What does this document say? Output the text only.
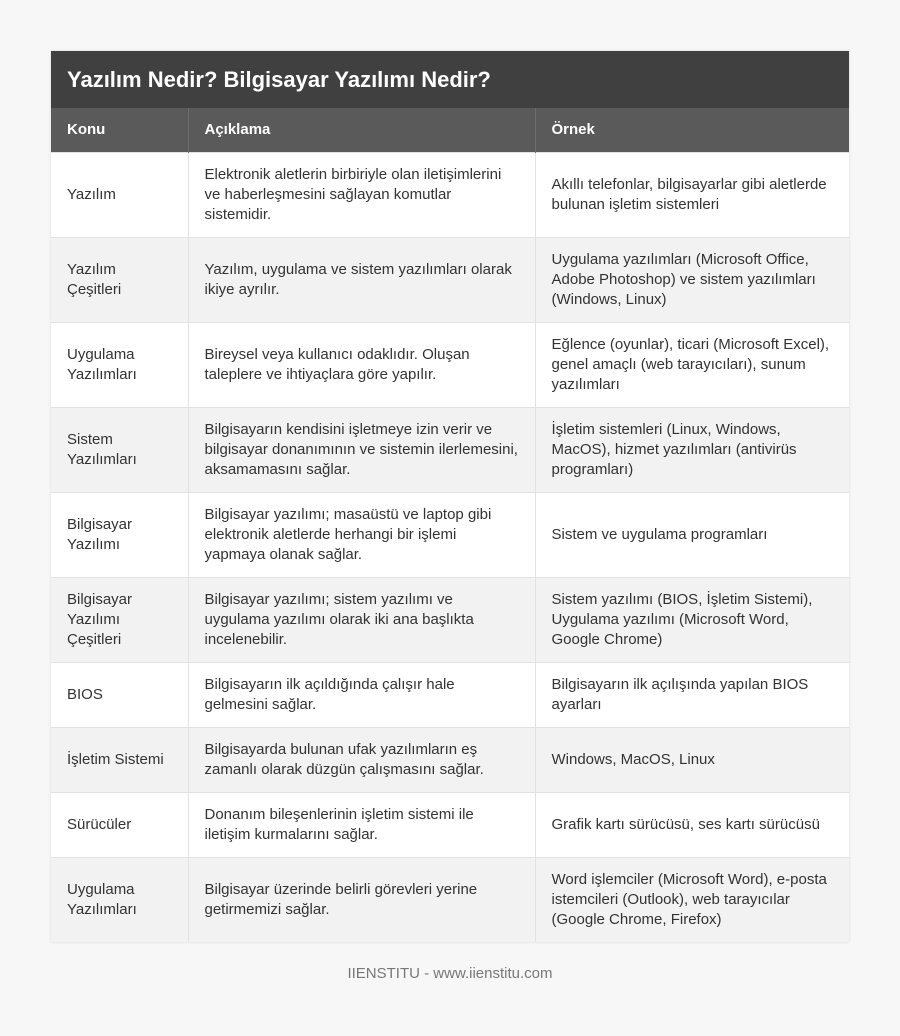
Yazılım Nedir? Bilgisayar Yazılımı Nedir?
Konu	Açıklama	Örnek
Yazılım	Elektronik aletlerin birbiriyle olan iletişimlerini ve haberleşmesini sağlayan komutlar sistemidir.	Akıllı telefonlar, bilgisayarlar gibi aletlerde bulunan işletim sistemleri
Yazılım Çeşitleri	Yazılım, uygulama ve sistem yazılımları olarak ikiye ayrılır.	Uygulama yazılımları (Microsoft Office, Adobe Photoshop) ve sistem yazılımları (Windows, Linux)
Uygulama Yazılımları	Bireysel veya kullanıcı odaklıdır. Oluşan taleplere ve ihtiyaçlara göre yapılır.	Eğlence (oyunlar), ticari (Microsoft Excel), genel amaçlı (web tarayıcıları), sunum yazılımları
Sistem Yazılımları	Bilgisayarın kendisini işletmeye izin verir ve bilgisayar donanımının ve sistemin ilerlemesini, aksamamasını sağlar.	İşletim sistemleri (Linux, Windows, MacOS), hizmet yazılımları (antivirüs programları)
Bilgisayar Yazılımı	Bilgisayar yazılımı; masaüstü ve laptop gibi elektronik aletlerde herhangi bir işlemi yapmaya olanak sağlar.	Sistem ve uygulama programları
Bilgisayar Yazılımı Çeşitleri	Bilgisayar yazılımı; sistem yazılımı ve uygulama yazılımı olarak iki ana başlıkta incelenebilir.	Sistem yazılımı (BIOS, İşletim Sistemi), Uygulama yazılımı (Microsoft Word, Google Chrome)
BIOS	Bilgisayarın ilk açıldığında çalışır hale gelmesini sağlar.	Bilgisayarın ilk açılışında yapılan BIOS ayarları
İşletim Sistemi	Bilgisayarda bulunan ufak yazılımların eş zamanlı olarak düzgün çalışmasını sağlar.	Windows, MacOS, Linux
Sürücüler	Donanım bileşenlerinin işletim sistemi ile iletişim kurmalarını sağlar.	Grafik kartı sürücüsü, ses kartı sürücüsü
Uygulama Yazılımları	Bilgisayar üzerinde belirli görevleri yerine getirmemizi sağlar.	Word işlemciler (Microsoft Word), e-posta istemcileri (Outlook), web tarayıcılar (Google Chrome, Firefox)
IIENSTITU - www.iienstitu.com
